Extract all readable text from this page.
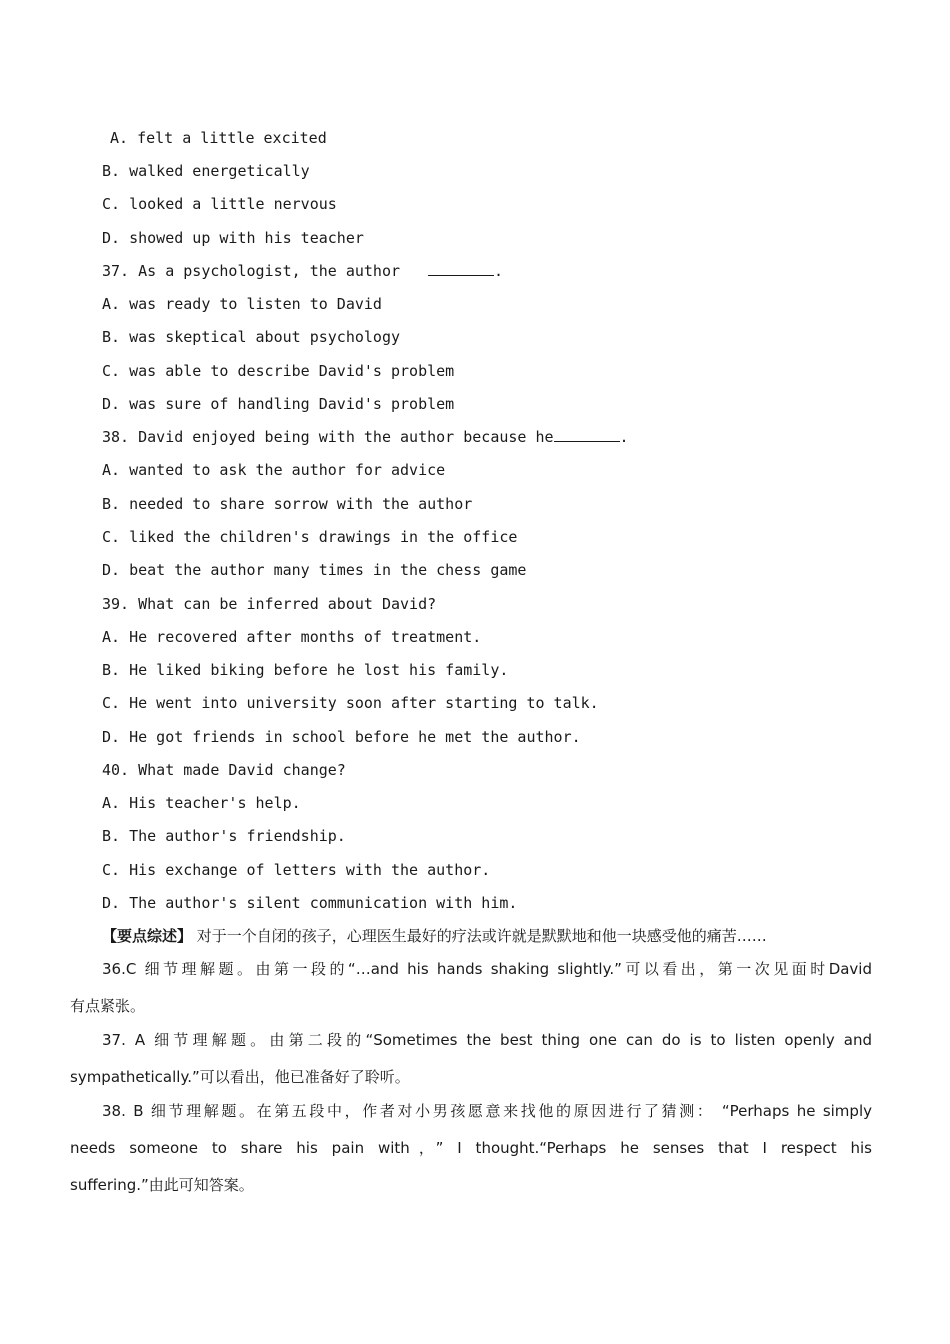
A. felt a little excited
B. walked energetically
C. looked a little nervous
D. showed up with his teacher
37. As a psychologist, the author	.
A. was ready to listen to David
B. was skeptical about psychology
C. was able to describe David's problem
D. was sure of handling David's problem
38. David enjoyed being with the author because he	.
A. wanted to ask the author for advice
B. needed to share sorrow with the author
C. liked the children's drawings in the office
D. beat the author many times in the chess game
39. What can be inferred about David?
A. He recovered after months of treatment.
B. He liked biking before he lost his family.
C. He went into university soon after starting to talk.
D. He got friends in school before he met the author.
40. What made David change?
A. His teacher's help.
B. The author's friendship.
C. His exchange of letters with the author.
D. The author's silent communication with him.
【要点综述】 对于一个自闭的孩子，心理医生最好的疗法或许就是默默地和他一块感受他的痛苦……
36.C 细节理解题。由第一段的“…and his hands shaking slightly.”可以看出，第一次见面时David
有点紧张。
37. A 细节理解题。由第二段的“Sometimes the best thing one can do is to listen openly and
sympathetically.”可以看出，他已准备好了聆听。
38. B 细节理解题。在第五段中，作者对小男孩愿意来找他的原因进行了猜测： “Perhaps he simply
needs someone to share his pain with，” I thought.“Perhaps he senses that I respect his
suffering.”由此可知答案。
